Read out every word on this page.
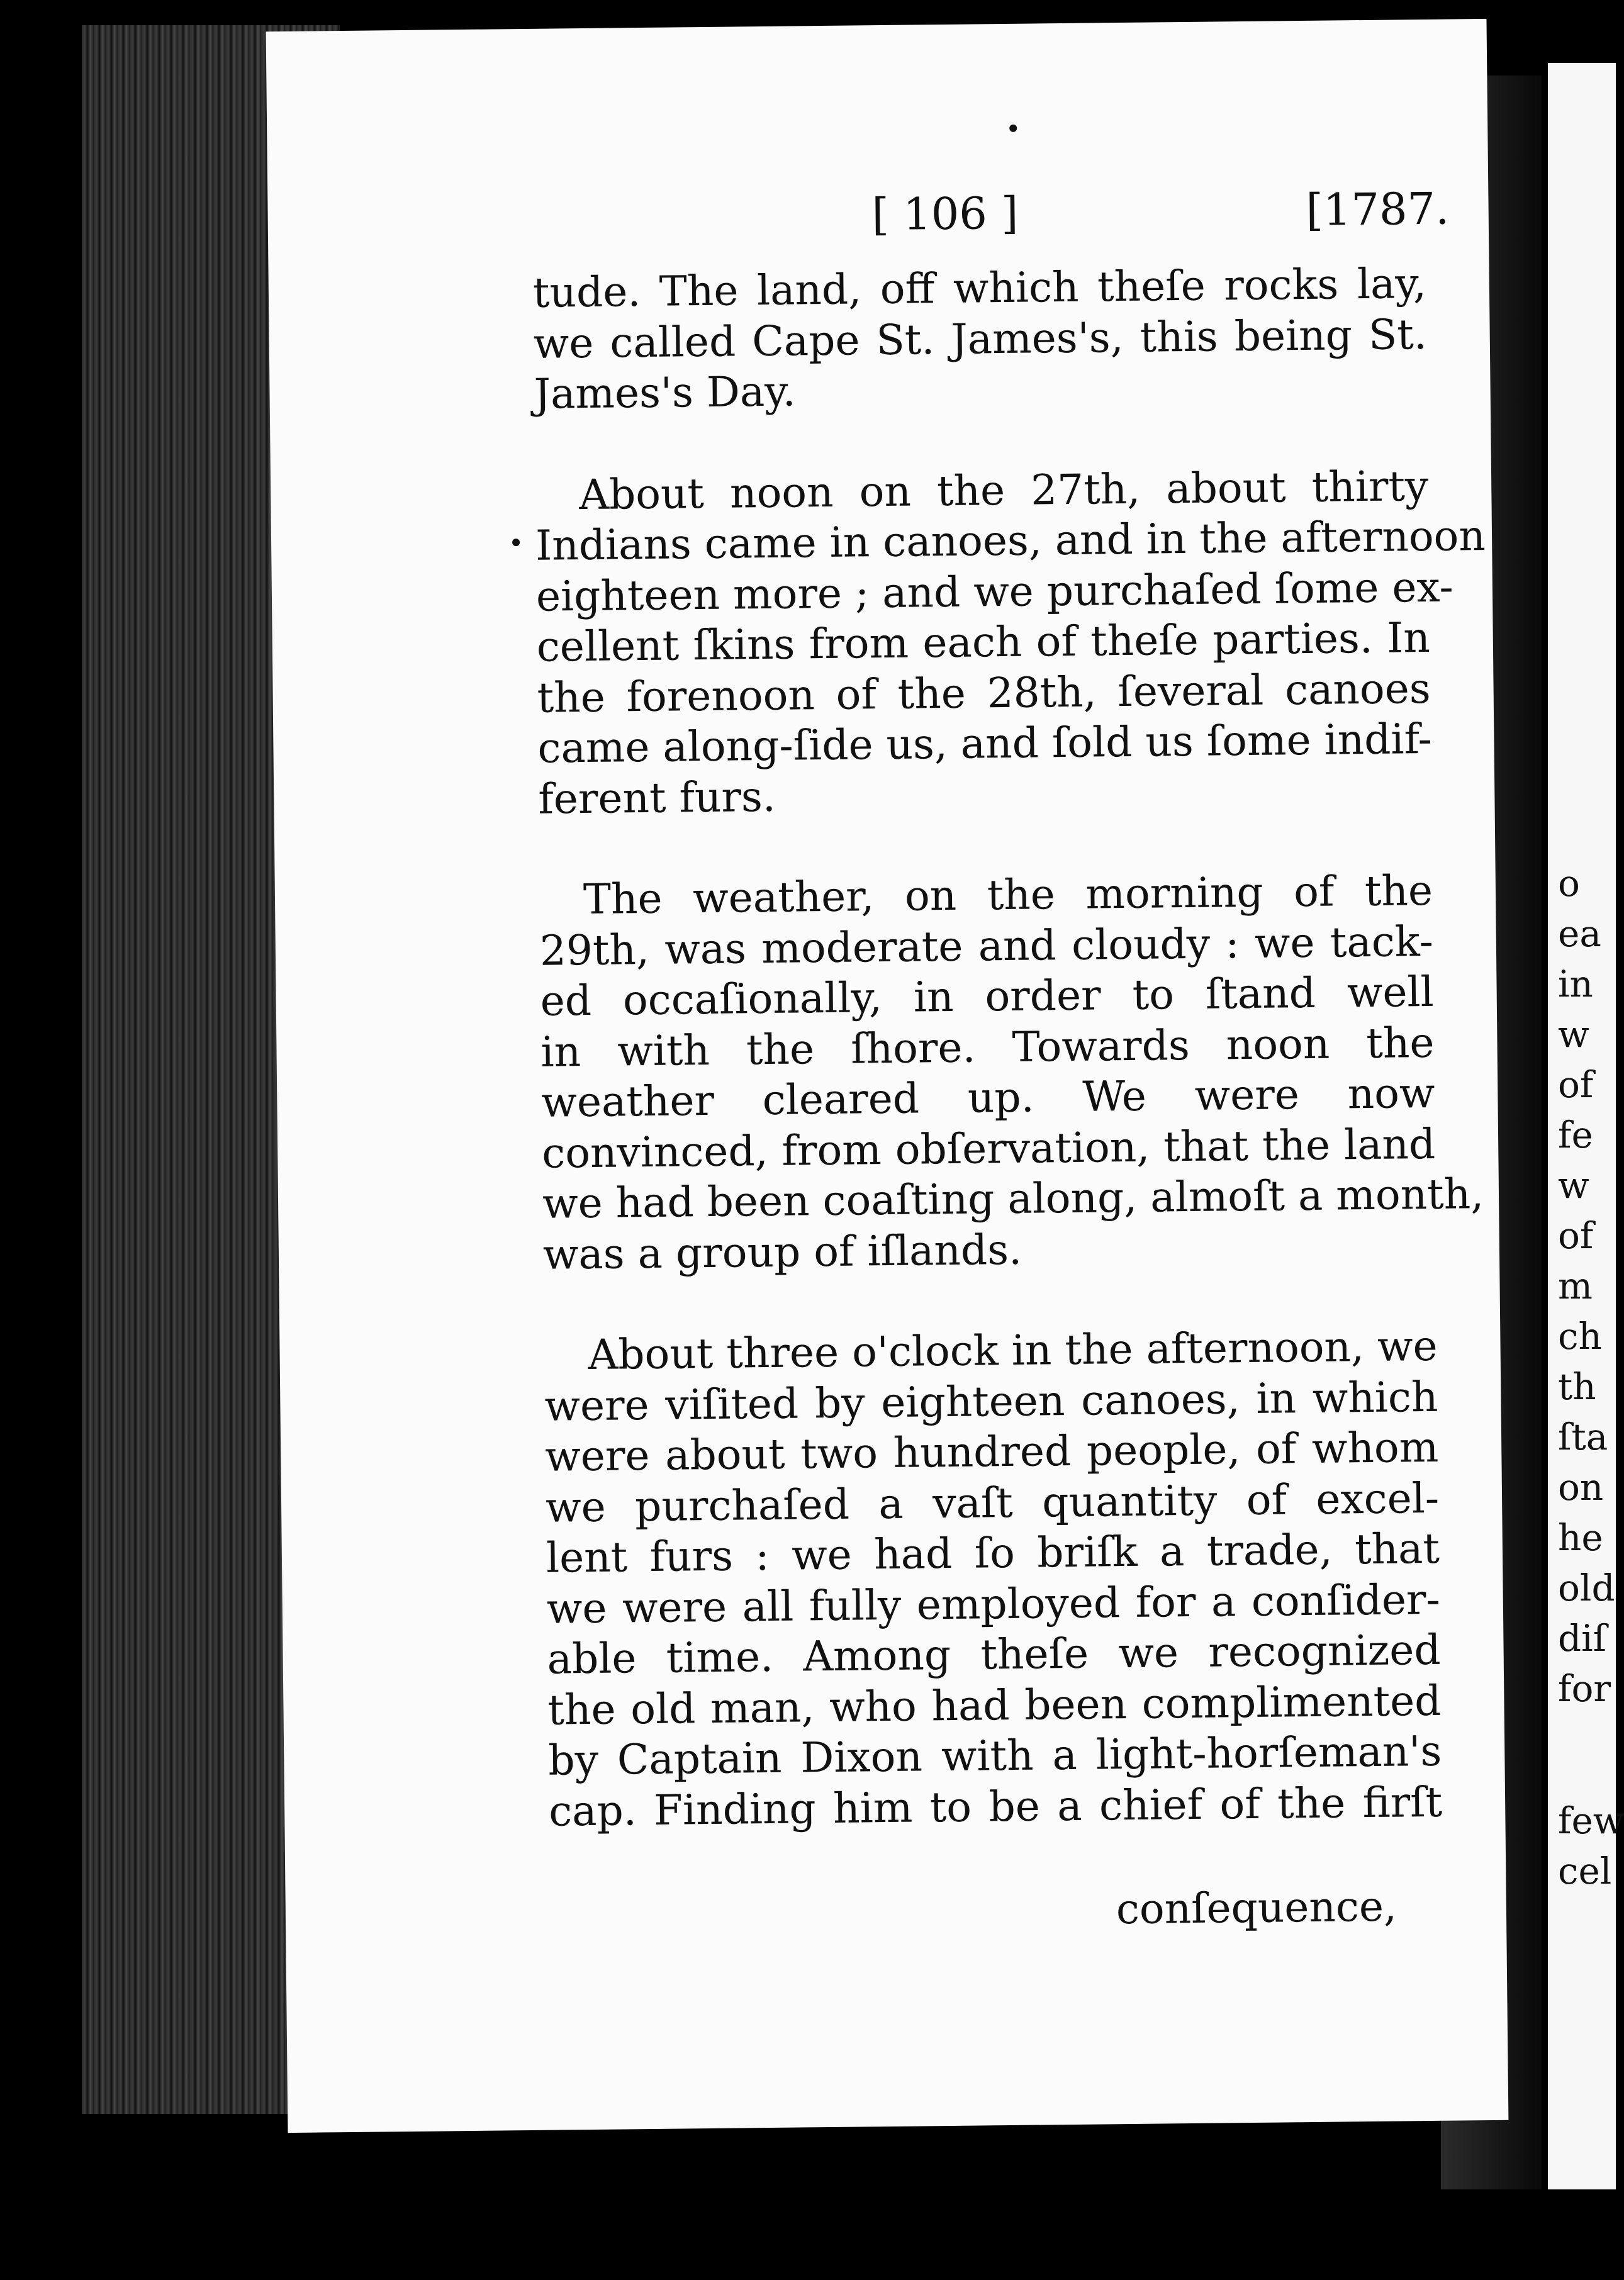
o
ea
in
w
of
fe
w
of
m
ch
th
ſta
on
he
old
diſ
for
few
cel
[ 106 ]	[1787.
tude. The land, off which theſe rocks lay,
we called Cape St. James's, this being St.
James's Day.
About noon on the 27th, about thirty
Indians came in canoes, and in the afternoon
eighteen more ; and we purchaſed ſome ex-
cellent ſkins from each of theſe parties. In
the forenoon of the 28th, ſeveral canoes
came along-ſide us, and ſold us ſome indif-
ferent furs.
The weather, on the morning of the
29th, was moderate and cloudy : we tack-
ed occaſionally, in order to ſtand well
in with the ſhore. Towards noon the
weather cleared up. We were now
convinced, from obſervation, that the land
we had been coaſting along, almoſt a month,
was a group of iſlands.
About three o'clock in the afternoon, we
were viſited by eighteen canoes, in which
were about two hundred people, of whom
we purchaſed a vaſt quantity of excel-
lent furs : we had ſo briſk a trade, that
we were all fully employed for a conſider-
able time. Among theſe we recognized
the old man, who had been complimented
by Captain Dixon with a light-horſeman's
cap. Finding him to be a chief of the firſt
conſequence,
